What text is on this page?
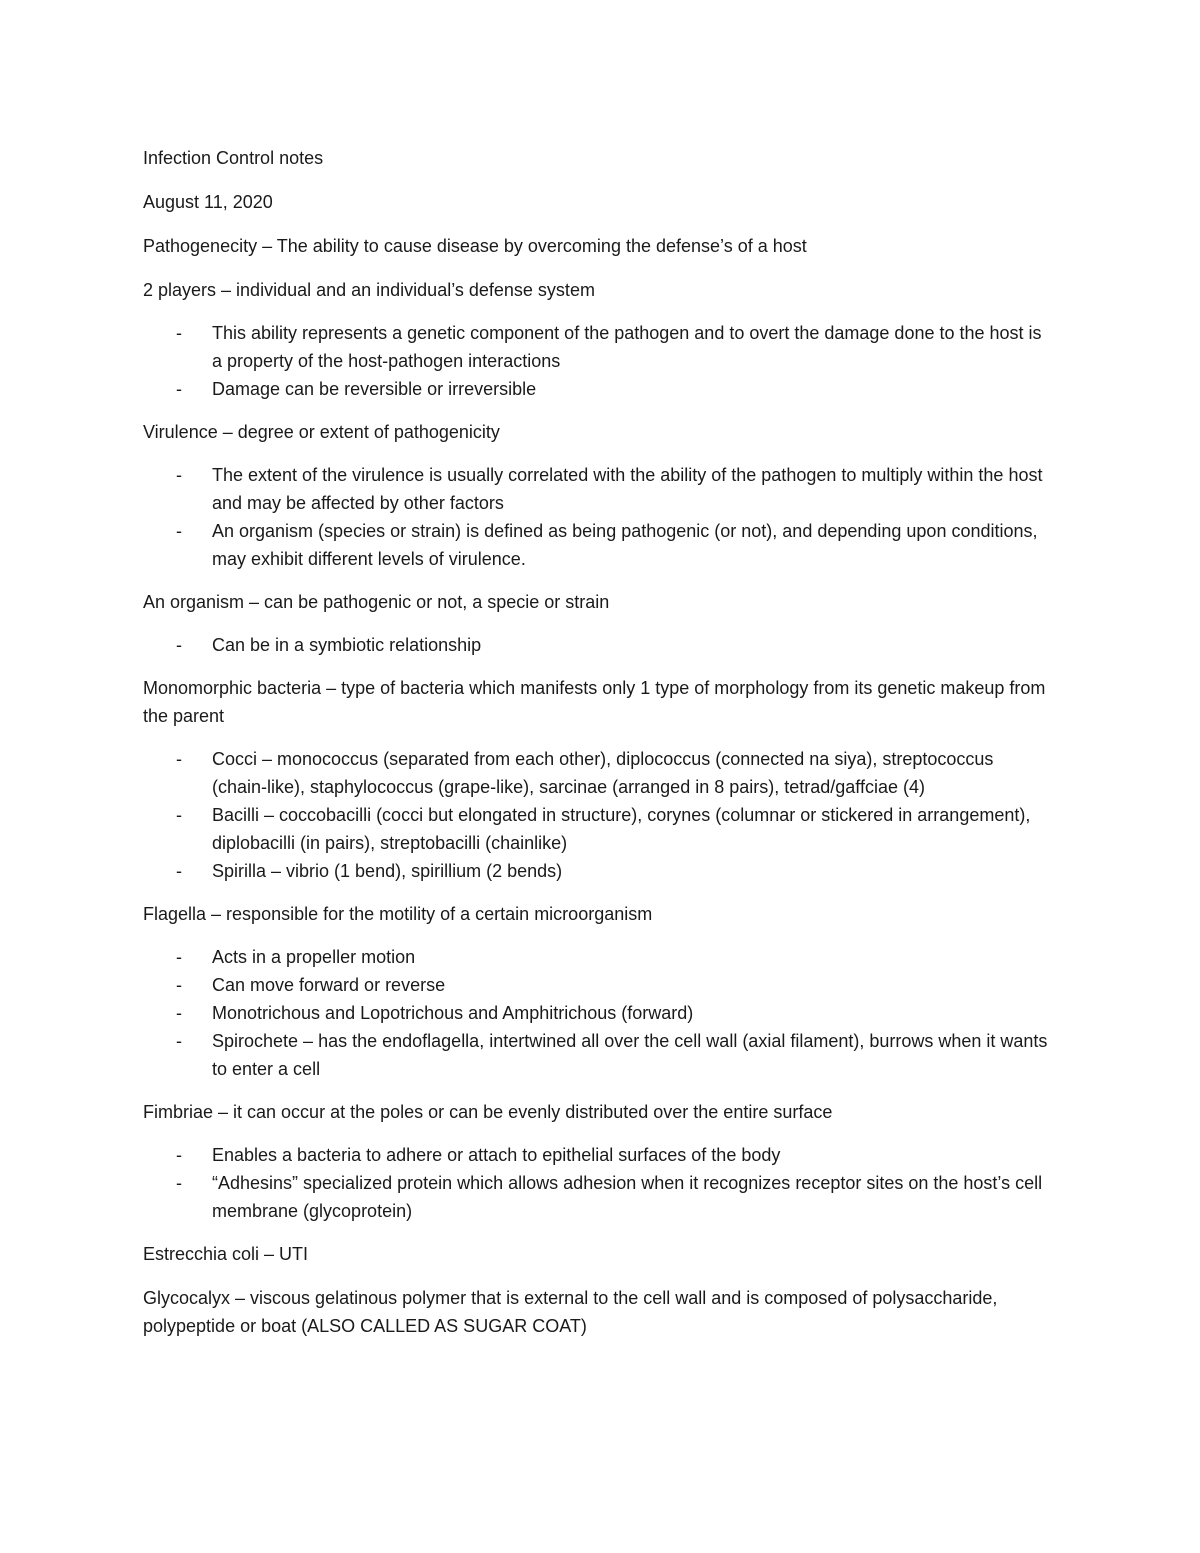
Infection Control notes

August 11, 2020

Pathogenecity – The ability to cause disease by overcoming the defense’s of a host

2 players – individual and an individual’s defense system

- This ability represents a genetic component of the pathogen and to overt the damage done to the host is a property of the host-pathogen interactions
- Damage can be reversible or irreversible

Virulence – degree or extent of pathogenicity

- The extent of the virulence is usually correlated with the ability of the pathogen to multiply within the host and may be affected by other factors
- An organism (species or strain) is defined as being pathogenic (or not), and depending upon conditions, may exhibit different levels of virulence.

An organism – can be pathogenic or not, a specie or strain

- Can be in a symbiotic relationship

Monomorphic bacteria – type of bacteria which manifests only 1 type of morphology from its genetic makeup from the parent

- Cocci – monococcus (separated from each other), diplococcus (connected na siya), streptococcus (chain-like), staphylococcus (grape-like), sarcinae (arranged in 8 pairs), tetrad/gaffciae (4)
- Bacilli – coccobacilli (cocci but elongated in structure), corynes (columnar or stickered in arrangement), diplobacilli (in pairs), streptobacilli (chainlike)
- Spirilla – vibrio (1 bend), spirillium (2 bends)

Flagella – responsible for the motility of a certain microorganism

- Acts in a propeller motion
- Can move forward or reverse
- Monotrichous and Lopotrichous and Amphitrichous (forward)
- Spirochete – has the endoflagella, intertwined all over the cell wall (axial filament), burrows when it wants to enter a cell

Fimbriae – it can occur at the poles or can be evenly distributed over the entire surface

- Enables a bacteria to adhere or attach to epithelial surfaces of the body
- “Adhesins” specialized protein which allows adhesion when it recognizes receptor sites on the host’s cell membrane (glycoprotein)

Estrecchia coli – UTI

Glycocalyx – viscous gelatinous polymer that is external to the cell wall and is composed of polysaccharide, polypeptide or boat (ALSO CALLED AS SUGAR COAT)
